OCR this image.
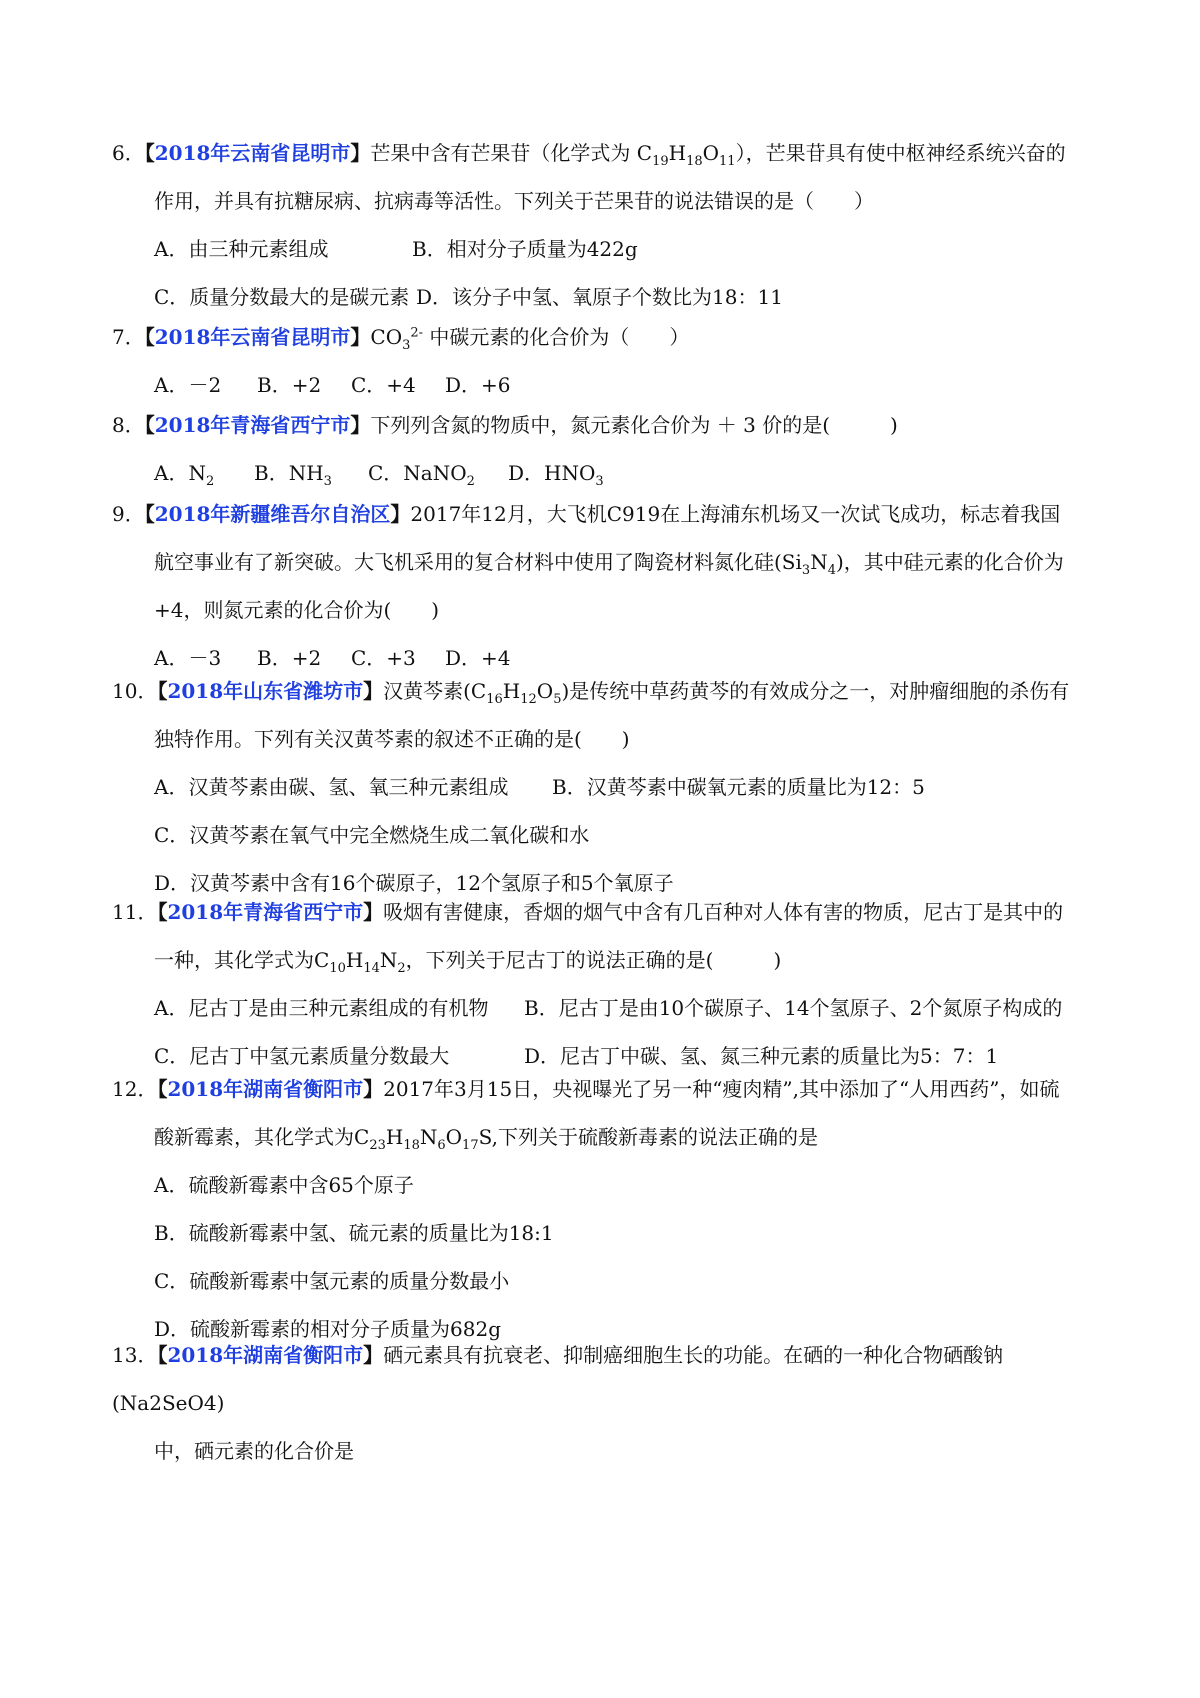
6．【2018年云南省昆明市】芒果中含有芒果苷（化学式为 $C_{19}H_{18}O_{11}$），芒果苷具有使中枢神经系统兴奋的
作用，并具有抗糖尿病、抗病毒等活性。下列关于芒果苷的说法错误的是（　　）
A．由三种元素组成	B．相对分子质量为422g
C．质量分数最大的是碳元素 D．该分子中氢、氧原子个数比为18：11
7．【2018年云南省昆明市】$CO_3^{2-}$ 中碳元素的化合价为（　　）
A．－2 B．+2 C．+4 D．+6
8．【2018年青海省西宁市】下列列含氮的物质中，氮元素化合价为 ＋ 3 价的是(　　　)
A．$N_2$ B．$NH_3$ C．NaNO$_2$ D．$HNO_3$
9．【2018年新疆维吾尔自治区】2017年12月，大飞机C919在上海浦东机场又一次试飞成功，标志着我国
航空事业有了新突破。大飞机采用的复合材料中使用了陶瓷材料氮化硅$(Si_3N_4)$，其中硅元素的化合价为
+4，则氮元素的化合价为(　　)
A．－3 B．+2 C．+3 D．+4
10．【2018年山东省潍坊市】汉黄芩素$(C_{16}H_{12}O_5)$是传统中草药黄芩的有效成分之一，对肿瘤细胞的杀伤有
独特作用。下列有关汉黄芩素的叙述不正确的是(　　)
A．汉黄芩素由碳、氢、氧三种元素组成 B．汉黄芩素中碳氧元素的质量比为12：5
C．汉黄芩素在氧气中完全燃烧生成二氧化碳和水
D．汉黄芩素中含有16个碳原子，12个氢原子和5个氧原子
11．【2018年青海省西宁市】吸烟有害健康，香烟的烟气中含有几百种对人体有害的物质，尼古丁是其中的
一种，其化学式为$C_{10}H_{14}N_2$，下列关于尼古丁的说法正确的是(　　　)
A．尼古丁是由三种元素组成的有机物 B．尼古丁是由10个碳原子、14个氢原子、2个氮原子构成的
C．尼古丁中氢元素质量分数最大	D．尼古丁中碳、氢、氮三种元素的质量比为5：7：1
12．【2018年湖南省衡阳市】2017年3月15日，央视曝光了另一种“瘦肉精”,其中添加了“人用西药”，如硫
酸新霉素，其化学式为$C_{23}H_{18}N_6O_{17}S$,下列关于硫酸新毒素的说法正确的是
A．硫酸新霉素中含65个原子
B．硫酸新霉素中氢、硫元素的质量比为18:1
C．硫酸新霉素中氢元素的质量分数最小
D．硫酸新霉素的相对分子质量为682g
13．【2018年湖南省衡阳市】硒元素具有抗衰老、抑制癌细胞生长的功能。在硒的一种化合物硒酸钠(Na2SeO4)
中，硒元素的化合价是
